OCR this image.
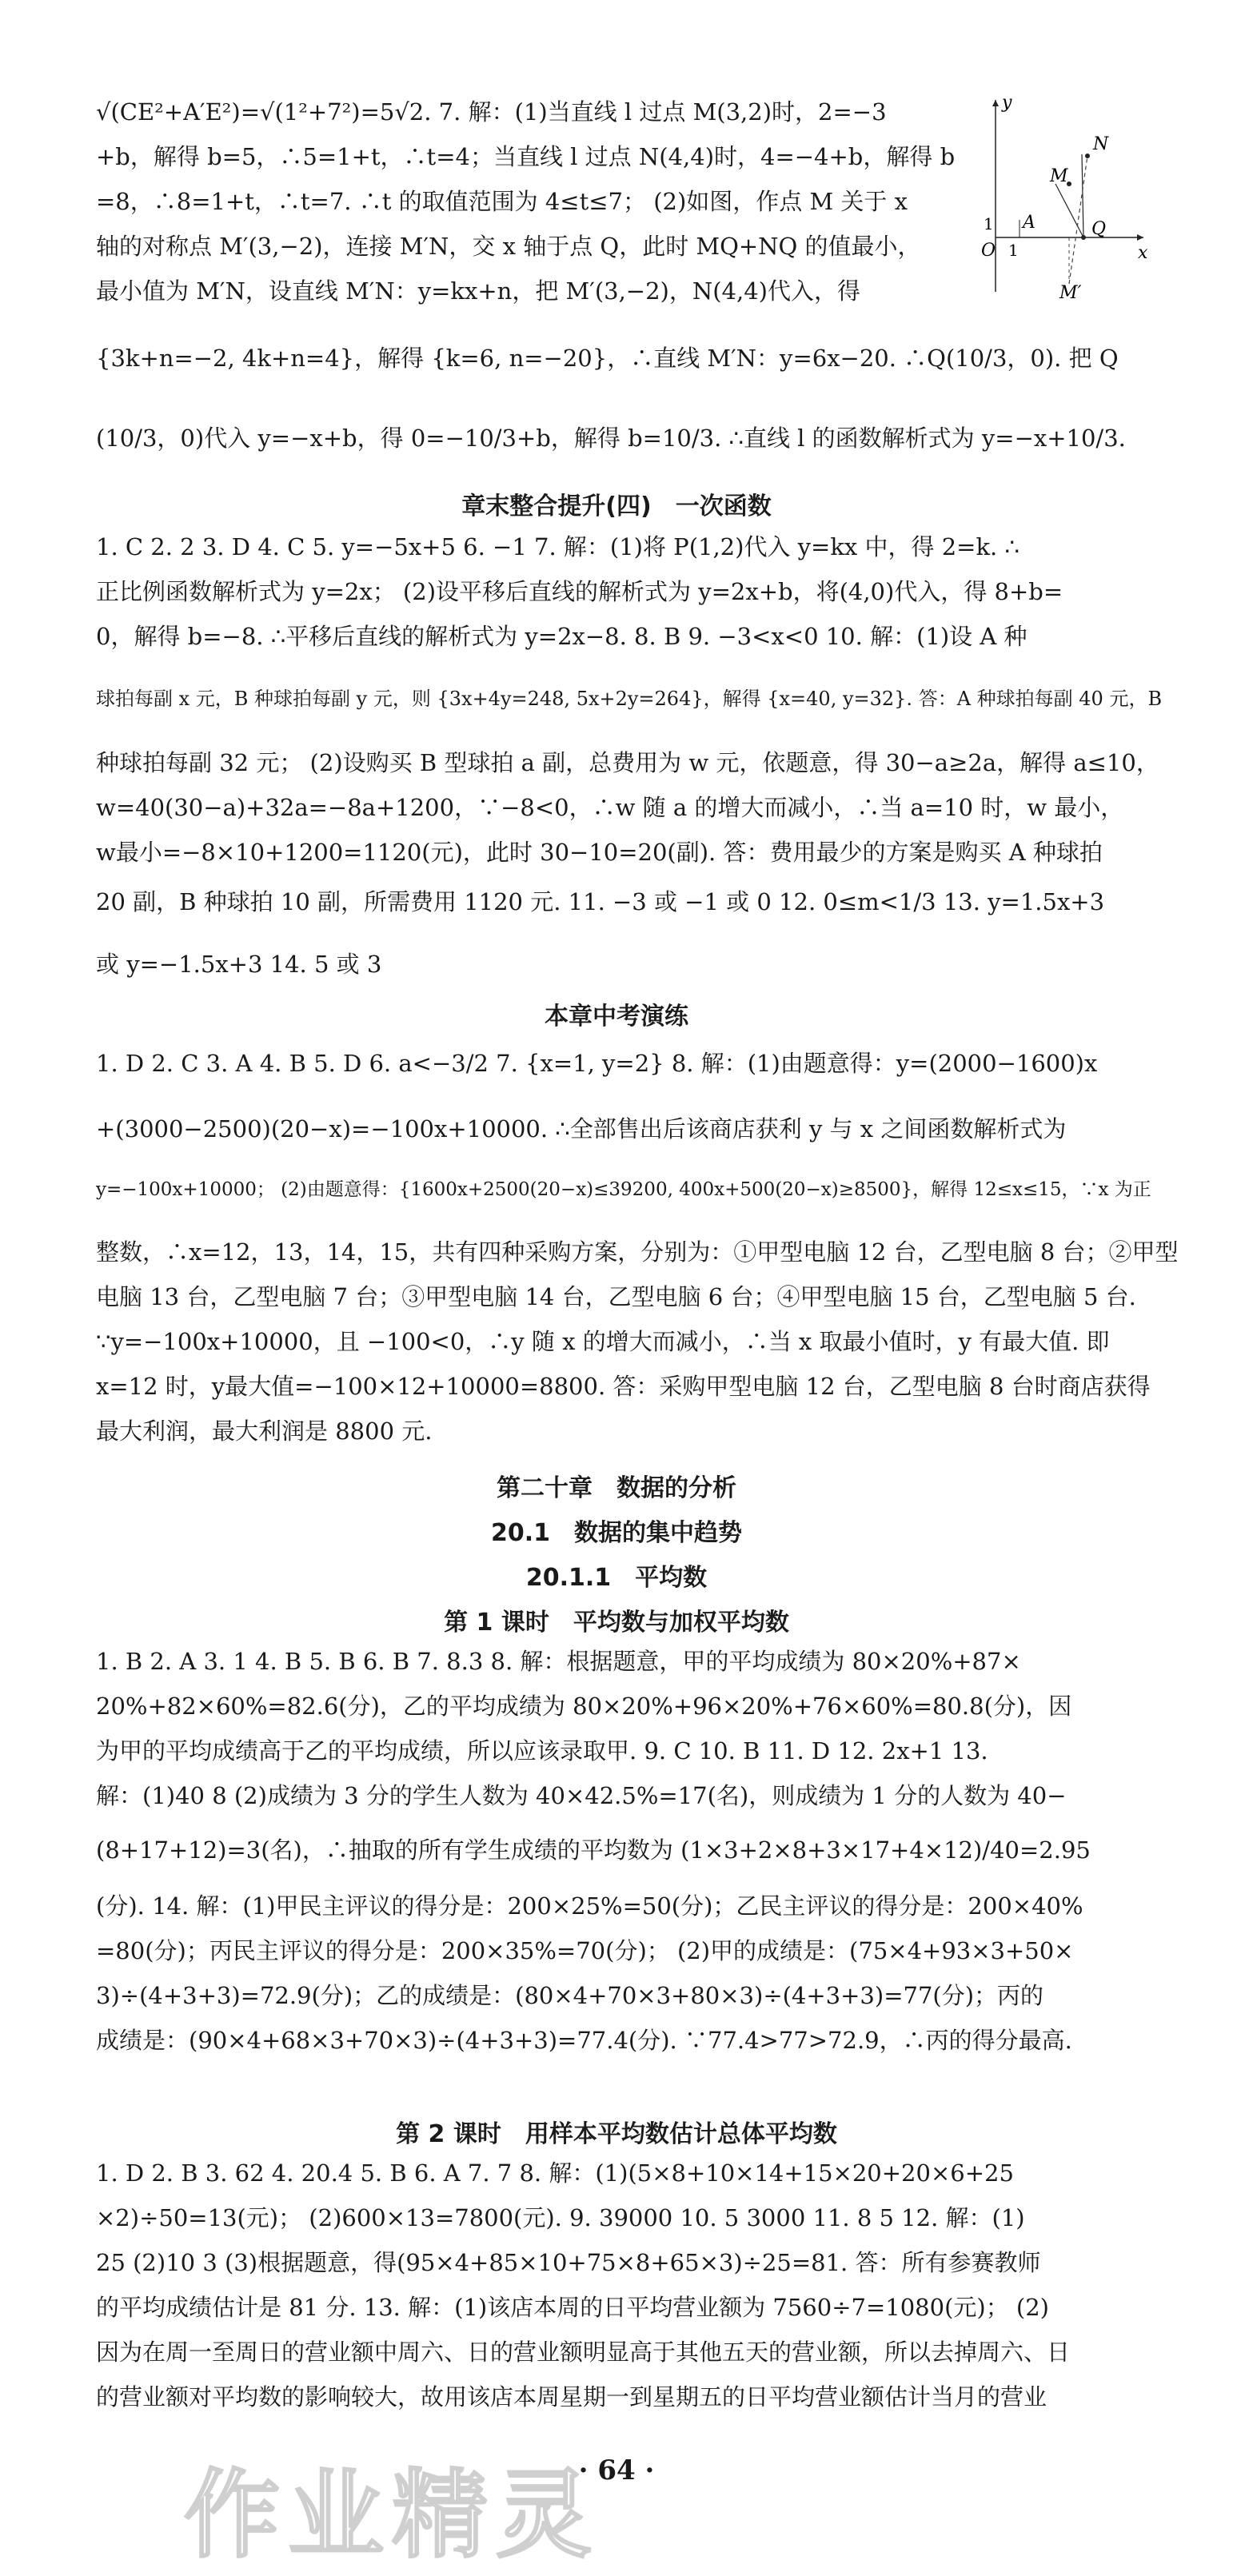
√(CE²+A′E²)=√(1²+7²)=5√2. 7. 解：(1)当直线 l 过点 M(3,2)时，2=−3
+b，解得 b=5，∴5=1+t，∴t=4；当直线 l 过点 N(4,4)时，4=−4+b，解得 b
=8，∴8=1+t，∴t=7. ∴t 的取值范围为 4≤t≤7； (2)如图，作点 M 关于 x
轴的对称点 M′(3,−2)，连接 M′N，交 x 轴于点 Q，此时 MQ+NQ 的值最小，
最小值为 M′N，设直线 M′N：y=kx+n，把 M′(3,−2)，N(4,4)代入，得
{3k+n=−2, 4k+n=4}，解得 {k=6, n=−20}，∴直线 M′N：y=6x−20. ∴Q(10/3，0). 把 Q
(10/3，0)代入 y=−x+b，得 0=−10/3+b，解得 b=10/3. ∴直线 l 的函数解析式为 y=−x+10/3.
y
x
O 1
1 A
M
N
Q
M′
章末整合提升(四)　一次函数
1. C 2. 2 3. D 4. C 5. y=−5x+5 6. −1 7. 解：(1)将 P(1,2)代入 y=kx 中，得 2=k. ∴
正比例函数解析式为 y=2x； (2)设平移后直线的解析式为 y=2x+b，将(4,0)代入，得 8+b=
0，解得 b=−8. ∴平移后直线的解析式为 y=2x−8. 8. B 9. −3<x<0 10. 解：(1)设 A 种
球拍每副 x 元，B 种球拍每副 y 元，则 {3x+4y=248, 5x+2y=264}，解得 {x=40, y=32}. 答：A 种球拍每副 40 元，B
种球拍每副 32 元； (2)设购买 B 型球拍 a 副，总费用为 w 元，依题意，得 30−a≥2a，解得 a≤10，
w=40(30−a)+32a=−8a+1200，∵−8<0，∴w 随 a 的增大而减小，∴当 a=10 时，w 最小，
w最小=−8×10+1200=1120(元)，此时 30−10=20(副). 答：费用最少的方案是购买 A 种球拍
20 副，B 种球拍 10 副，所需费用 1120 元. 11. −3 或 −1 或 0 12. 0≤m<1/3 13. y=1.5x+3
或 y=−1.5x+3 14. 5 或 3
本章中考演练
1. D 2. C 3. A 4. B 5. D 6. a<−3/2 7. {x=1, y=2} 8. 解：(1)由题意得：y=(2000−1600)x
+(3000−2500)(20−x)=−100x+10000. ∴全部售出后该商店获利 y 与 x 之间函数解析式为
y=−100x+10000； (2)由题意得：{1600x+2500(20−x)≤39200, 400x+500(20−x)≥8500}，解得 12≤x≤15，∵x 为正
整数，∴x=12，13，14，15，共有四种采购方案，分别为：①甲型电脑 12 台，乙型电脑 8 台；②甲型
电脑 13 台，乙型电脑 7 台；③甲型电脑 14 台，乙型电脑 6 台；④甲型电脑 15 台，乙型电脑 5 台.
∵y=−100x+10000，且 −100<0，∴y 随 x 的增大而减小，∴当 x 取最小值时，y 有最大值. 即
x=12 时，y最大值=−100×12+10000=8800. 答：采购甲型电脑 12 台，乙型电脑 8 台时商店获得
最大利润，最大利润是 8800 元.
第二十章　数据的分析
20.1　数据的集中趋势
20.1.1　平均数
第 1 课时　平均数与加权平均数
1. B 2. A 3. 1 4. B 5. B 6. B 7. 8.3 8. 解：根据题意，甲的平均成绩为 80×20%+87×
20%+82×60%=82.6(分)，乙的平均成绩为 80×20%+96×20%+76×60%=80.8(分)，因
为甲的平均成绩高于乙的平均成绩，所以应该录取甲. 9. C 10. B 11. D 12. 2x+1 13.
解：(1)40 8 (2)成绩为 3 分的学生人数为 40×42.5%=17(名)，则成绩为 1 分的人数为 40−
(8+17+12)=3(名)，∴抽取的所有学生成绩的平均数为 (1×3+2×8+3×17+4×12)/40=2.95
(分). 14. 解：(1)甲民主评议的得分是：200×25%=50(分)；乙民主评议的得分是：200×40%
=80(分)；丙民主评议的得分是：200×35%=70(分)； (2)甲的成绩是：(75×4+93×3+50×
3)÷(4+3+3)=72.9(分)；乙的成绩是：(80×4+70×3+80×3)÷(4+3+3)=77(分)；丙的
成绩是：(90×4+68×3+70×3)÷(4+3+3)=77.4(分). ∵77.4>77>72.9，∴丙的得分最高.
第 2 课时　用样本平均数估计总体平均数
1. D 2. B 3. 62 4. 20.4 5. B 6. A 7. 7 8. 解：(1)(5×8+10×14+15×20+20×6+25
×2)÷50=13(元)； (2)600×13=7800(元). 9. 39000 10. 5 3000 11. 8 5 12. 解：(1)
25 (2)10 3 (3)根据题意，得(95×4+85×10+75×8+65×3)÷25=81. 答：所有参赛教师
的平均成绩估计是 81 分. 13. 解：(1)该店本周的日平均营业额为 7560÷7=1080(元)； (2)
因为在周一至周日的营业额中周六、日的营业额明显高于其他五天的营业额，所以去掉周六、日
的营业额对平均数的影响较大，故用该店本周星期一到星期五的日平均营业额估计当月的营业
作业精灵
· 64 ·
